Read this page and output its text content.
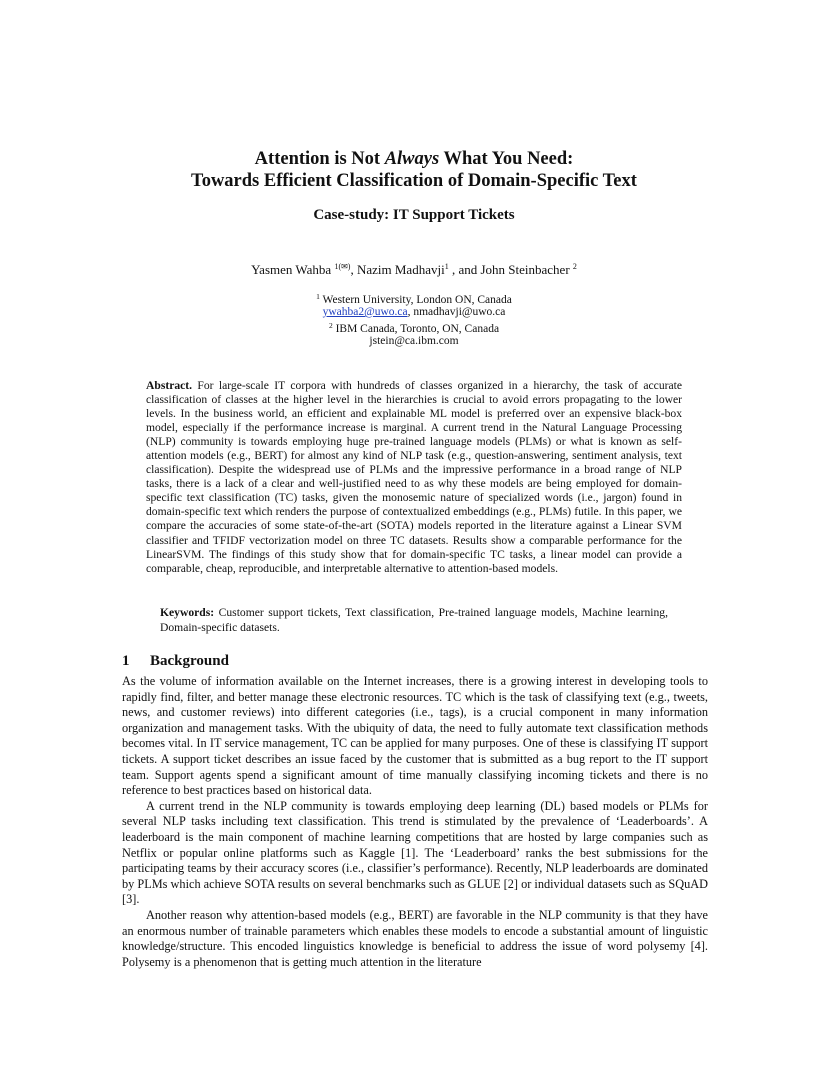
Attention is Not Always What You Need:
Towards Efficient Classification of Domain-Specific Text
Case-study: IT Support Tickets
Yasmen Wahba $^{1(✉)}$, Nazim Madhavji$^1$ , and John Steinbacher $^2$
$^1$ Western University, London ON, Canada
ywahba2@uwo.ca, nmadhavji@uwo.ca
$^2$ IBM Canada, Toronto, ON, Canada
jstein@ca.ibm.com
Abstract. For large-scale IT corpora with hundreds of classes organized in a hierarchy, the task of accurate classification of classes at the higher level in the hierarchies is crucial to avoid errors propagating to the lower levels. In the business world, an efficient and explainable ML model is preferred over an expensive black-box model, especially if the performance increase is marginal. A current trend in the Natural Language Processing (NLP) community is towards employing huge pre-trained language models (PLMs) or what is known as self-attention models (e.g., BERT) for almost any kind of NLP task (e.g., question-answering, sentiment analysis, text classification). Despite the widespread use of PLMs and the impressive performance in a broad range of NLP tasks, there is a lack of a clear and well-justified need to as why these models are being employed for domain-specific text classification (TC) tasks, given the monosemic nature of specialized words (i.e., jargon) found in domain-specific text which renders the purpose of contextualized embeddings (e.g., PLMs) futile. In this paper, we compare the accuracies of some state-of-the-art (SOTA) models reported in the literature against a Linear SVM classifier and TFIDF vectorization model on three TC datasets. Results show a comparable performance for the LinearSVM. The findings of this study show that for domain-specific TC tasks, a linear model can provide a comparable, cheap, reproducible, and interpretable alternative to attention-based models.
Keywords: Customer support tickets, Text classification, Pre-trained language models, Machine learning, Domain-specific datasets.
1 Background

As the volume of information available on the Internet increases, there is a growing interest in developing tools to rapidly find, filter, and better manage these electronic resources. TC which is the task of classifying text (e.g., tweets, news, and customer reviews) into different categories (i.e., tags), is a crucial component in many information organization and management tasks. With the ubiquity of data, the need to fully automate text classification methods becomes vital. In IT service management, TC can be applied for many purposes. One of these is classifying IT support tickets. A support ticket describes an issue faced by the customer that is submitted as a bug report to the IT support team. Support agents spend a significant amount of time manually classifying incoming tickets and there is no reference to best practices based on historical data.

A current trend in the NLP community is towards employing deep learning (DL) based models or PLMs for several NLP tasks including text classification. This trend is stimulated by the prevalence of ‘Leaderboards’. A leaderboard is the main component of machine learning competitions that are hosted by large companies such as Netflix or popular online platforms such as Kaggle [1]. The ‘Leaderboard’ ranks the best submissions for the participating teams by their accuracy scores (i.e., classifier’s performance). Recently, NLP leaderboards are dominated by PLMs which achieve SOTA results on several benchmarks such as GLUE [2] or individual datasets such as SQuAD [3].

Another reason why attention-based models (e.g., BERT) are favorable in the NLP community is that they have an enormous number of trainable parameters which enables these models to encode a substantial amount of linguistic knowledge/structure. This encoded linguistics knowledge is beneficial to address the issue of word polysemy [4]. Polysemy is a phenomenon that is getting much attention in the literature
